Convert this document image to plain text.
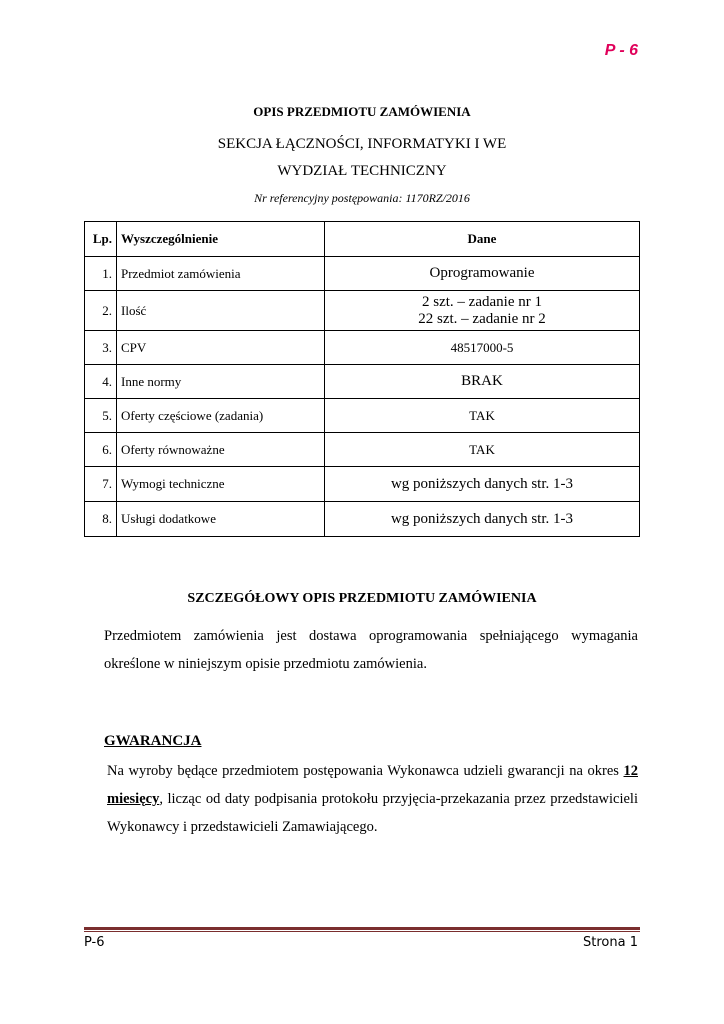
P - 6
OPIS PRZEDMIOTU ZAMÓWIENIA
SEKCJA ŁĄCZNOŚCI, INFORMATYKI I WE
WYDZIAŁ TECHNICZNY
Nr referencyjny postępowania: 1170RZ/2016
Lp.	Wyszczególnienie	Dane
1.	Przedmiot zamówienia	Oprogramowanie
2.	Ilość	2 szt. – zadanie nr 1
22 szt. – zadanie nr 2

3.	CPV	48517000-5
4.	Inne normy	BRAK
5.	Oferty częściowe (zadania)	TAK
6.	Oferty równoważne	TAK
7.	Wymogi techniczne	wg poniższych danych str. 1-3
8.	Usługi dodatkowe	wg poniższych danych str. 1-3
SZCZEGÓŁOWY OPIS PRZEDMIOTU ZAMÓWIENIA
Przedmiotem zamówienia jest dostawa oprogramowania spełniającego wymagania określone w niniejszym opisie przedmiotu zamówienia.
GWARANCJA
Na wyroby będące przedmiotem postępowania Wykonawca udzieli gwarancji na okres 12 miesięcy, licząc od daty podpisania protokołu przyjęcia-przekazania przez przedstawicieli Wykonawcy i przedstawicieli Zamawiającego.
P-6	Strona 1
